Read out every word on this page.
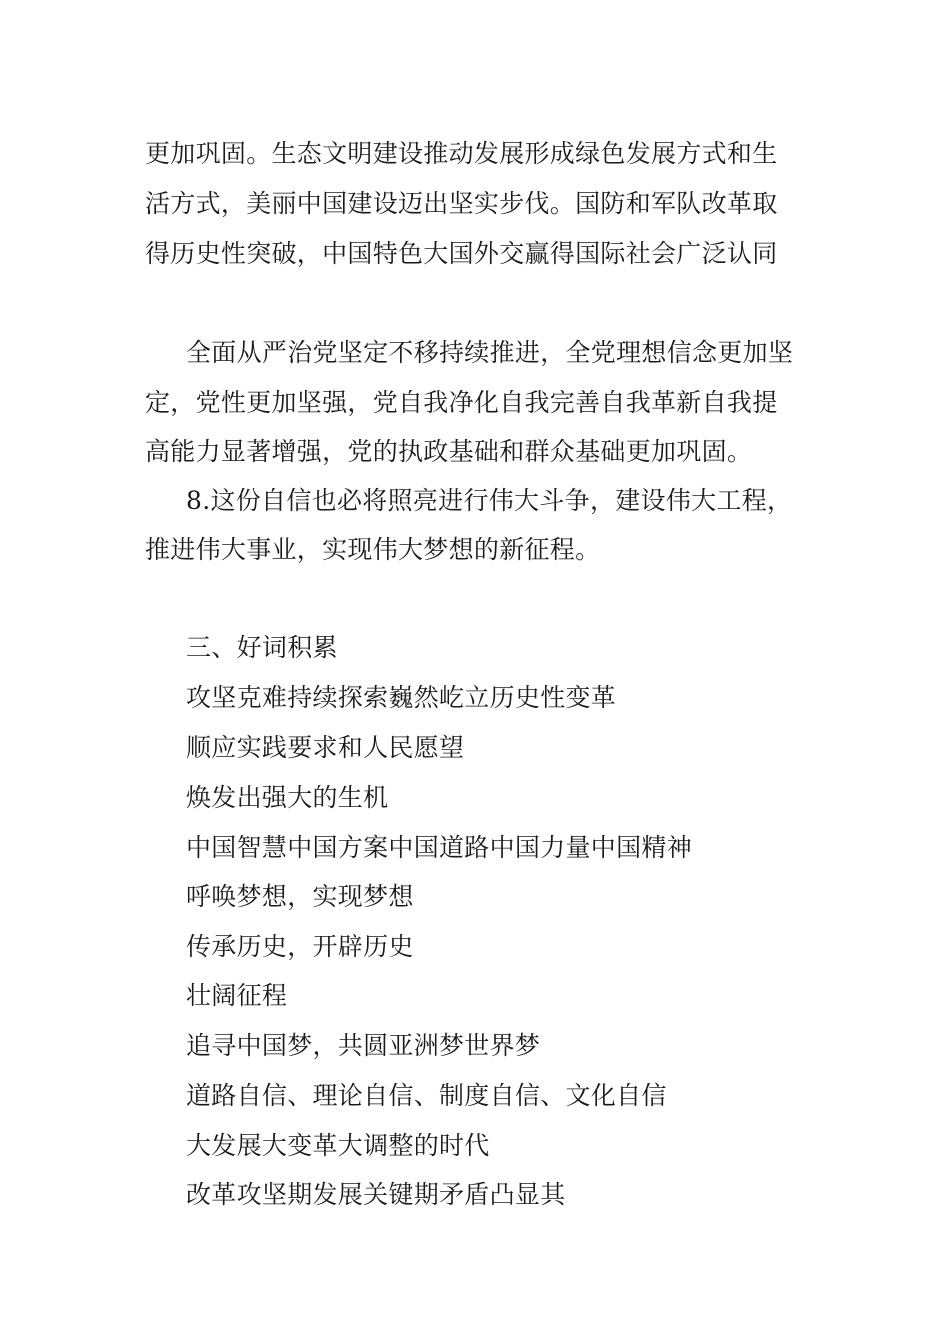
更加巩固。生态文明建设推动发展形成绿色发展方式和生
活方式，美丽中国建设迈出坚实步伐。国防和军队改革取
得历史性突破，中国特色大国外交赢得国际社会广泛认同
全面从严治党坚定不移持续推进，全党理想信念更加坚
定，党性更加坚强，党自我净化自我完善自我革新自我提
高能力显著增强，党的执政基础和群众基础更加巩固。
8.这份自信也必将照亮进行伟大斗争，建设伟大工程，
推进伟大事业，实现伟大梦想的新征程。
三、好词积累
攻坚克难持续探索巍然屹立历史性变革
顺应实践要求和人民愿望
焕发出强大的生机
中国智慧中国方案中国道路中国力量中国精神
呼唤梦想，实现梦想
传承历史，开辟历史
壮阔征程
追寻中国梦，共圆亚洲梦世界梦
道路自信、理论自信、制度自信、文化自信
大发展大变革大调整的时代
改革攻坚期发展关键期矛盾凸显其
